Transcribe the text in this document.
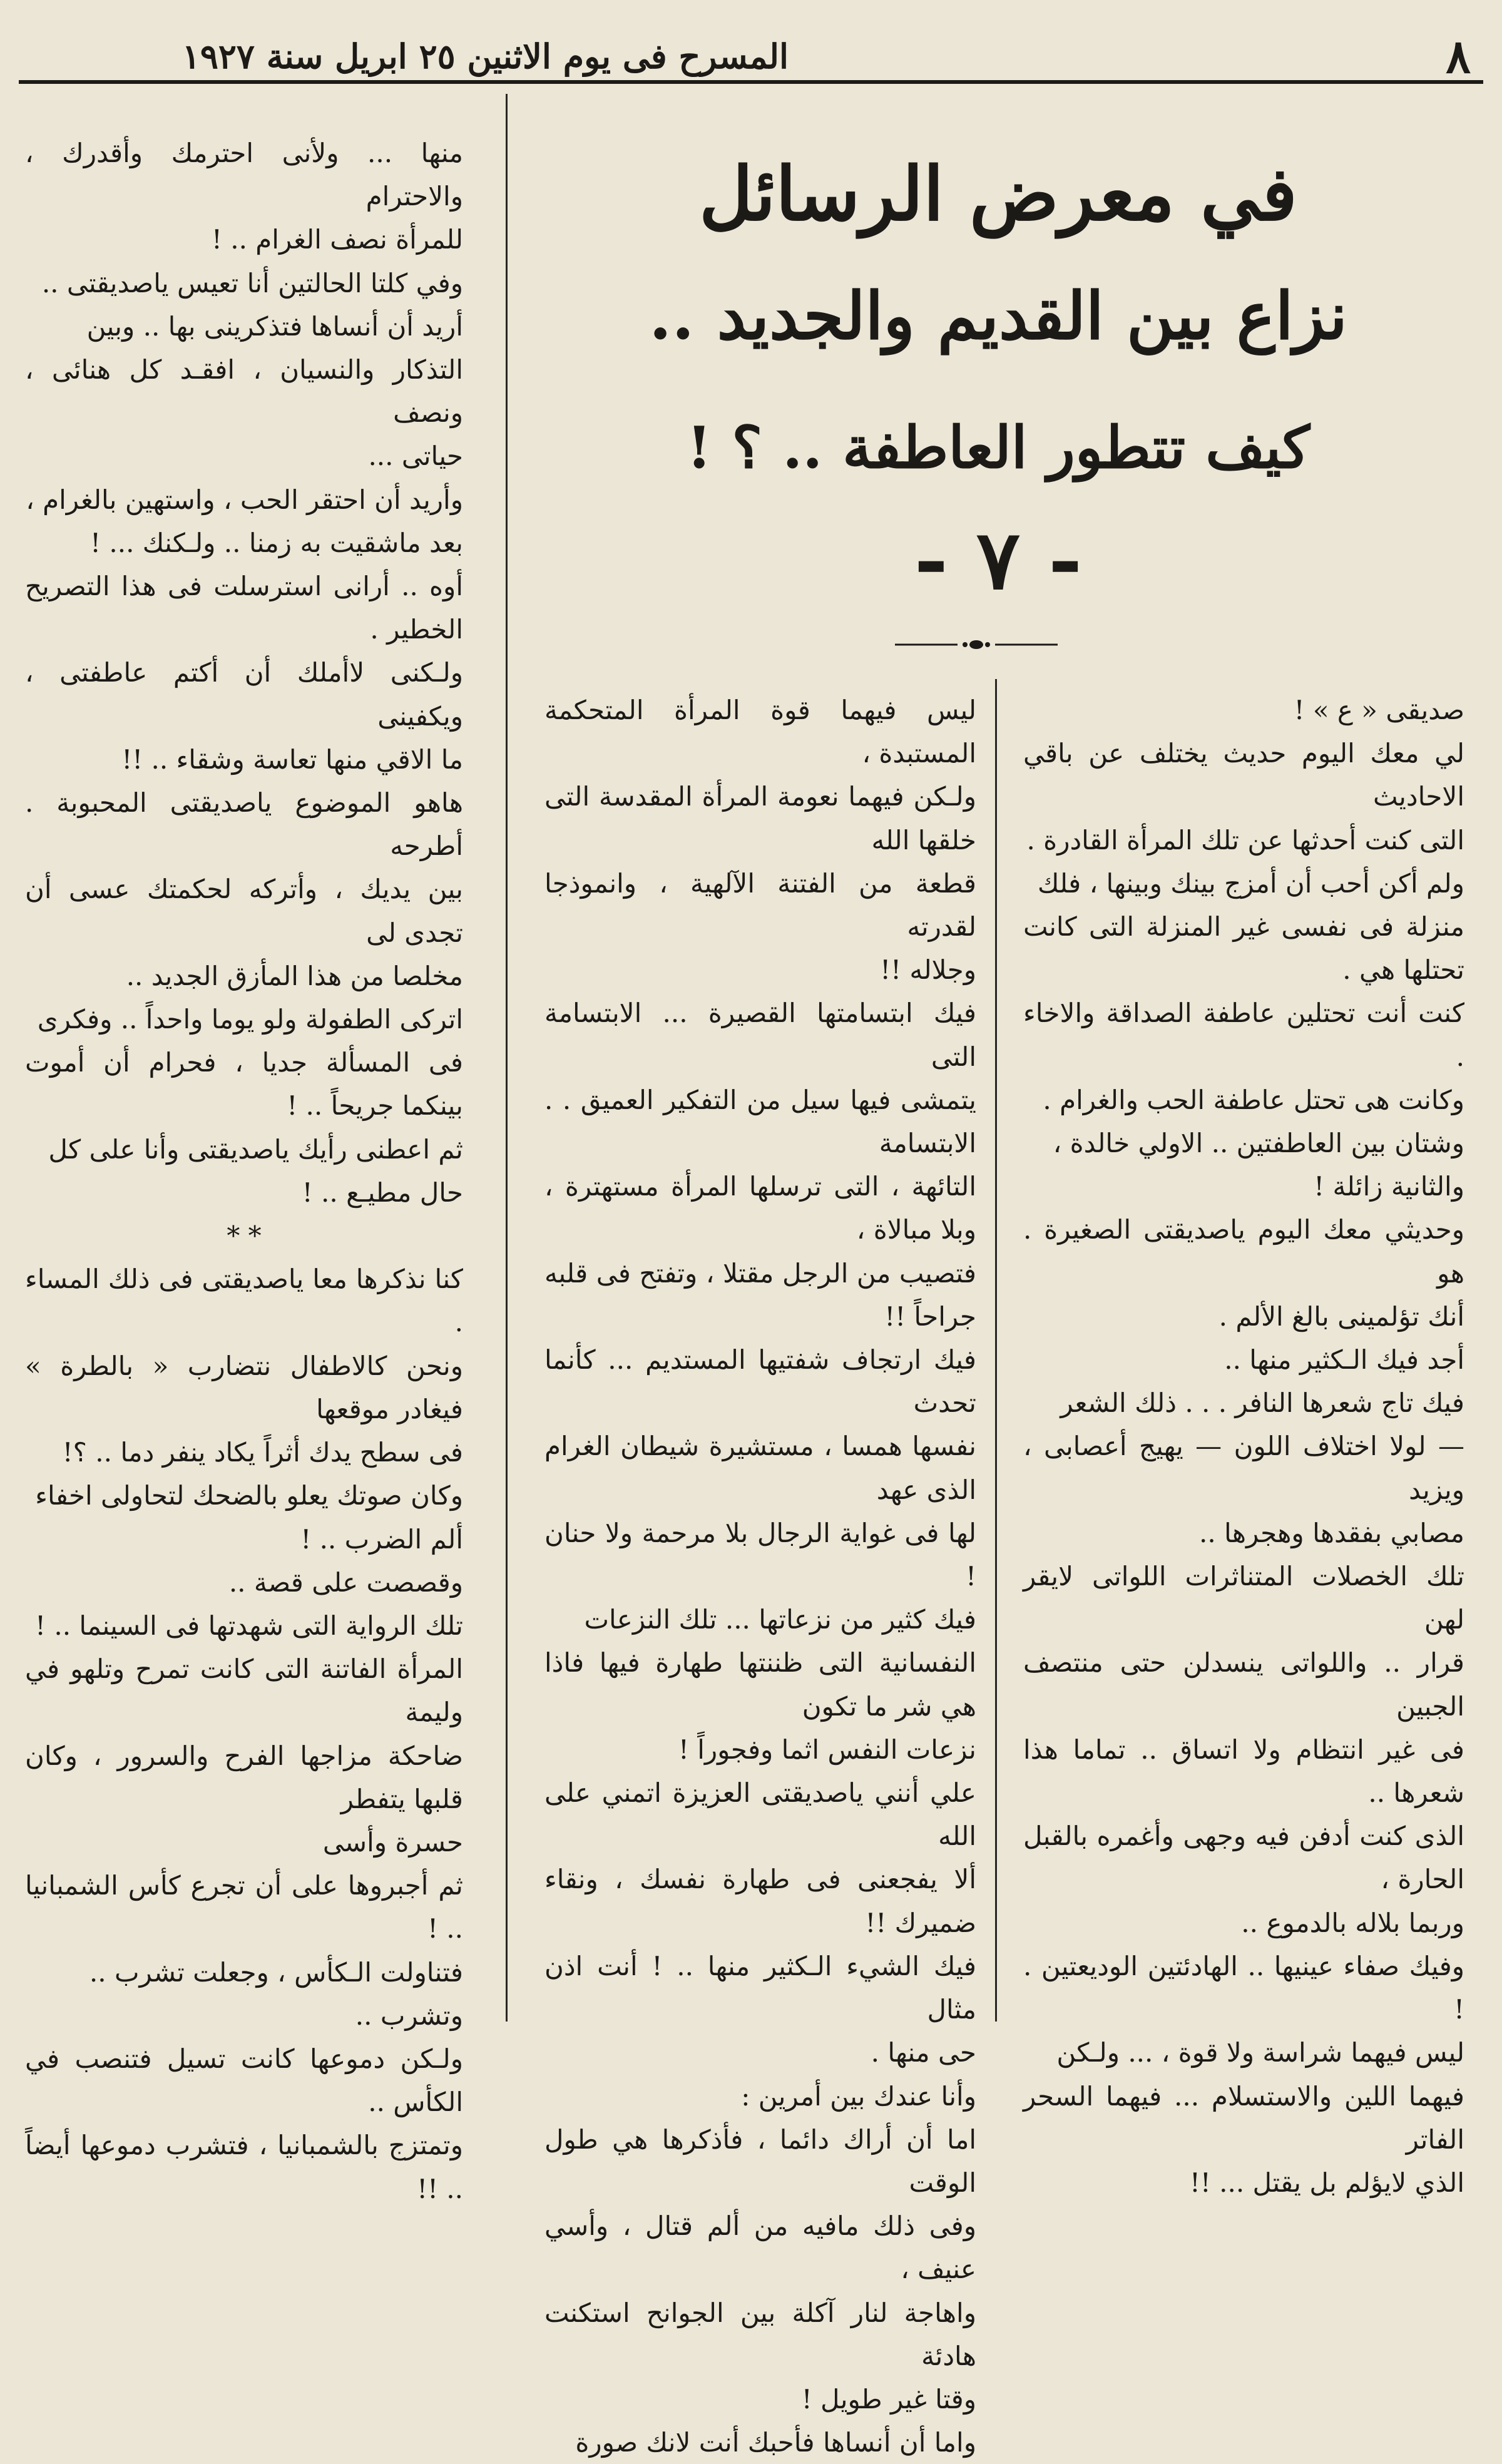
٨
المسرح فى يوم الاثنين ٢٥ ابريل سنة ١٩٢٧
في معرض الرسائل
نزاع بين القديم والجديد ..
كيف تتطور العاطفة .. ؟ !
- ٧ -

صديقى « ع » !

لي معك اليوم حديث يختلف عن باقي الاحاديث

التى كنت أحدثها عن تلك المرأة القادرة .

ولم أكن أحب أن أمزج بينك وبينها ، فلك

منزلة فى نفسى غير المنزلة التى كانت تحتلها هي .

كنت أنت تحتلين عاطفة الصداقة والاخاء .

وكانت هى تحتل عاطفة الحب والغرام .

وشتان بين العاطفتين .. الاولي خالدة ،

والثانية زائلة !

وحديثي معك اليوم ياصديقتى الصغيرة . هو

أنك تؤلمينى بالغ الألم .

أجد فيك الـكثير منها ..

فيك تاج شعرها النافر . . . ذلك الشعر

— لولا اختلاف اللون — يهيج أعصابى ، ويزيد

مصابي بفقدها وهجرها ..

تلك الخصلات المتناثرات اللواتى لايقر لهن

قرار .. واللواتى ينسدلن حتى منتصف الجبين

فى غير انتظام ولا اتساق .. تماما هذا شعرها ..

الذى كنت أدفن فيه وجهى وأغمره بالقبل الحارة ،

وربما بلاله بالدموع ..

وفيك صفاء عينيها .. الهادئتين الوديعتين . !

ليس فيهما شراسة ولا قوة ، ... ولـكن

فيهما اللين والاستسلام ... فيهما السحر الفاتر

الذي لايؤلم بل يقتل ... !!

ليس فيهما قوة المرأة المتحكمة المستبدة ،

ولـكن فيهما نعومة المرأة المقدسة التى خلقها الله

قطعة من الفتنة الآلهية ، وانموذجا لقدرته

وجلاله !!

فيك ابتسامتها القصيرة ... الابتسامة التى

يتمشى فيها سيل من التفكير العميق . . الابتسامة

التائهة ، التى ترسلها المرأة مستهترة ، وبلا مبالاة ،

فتصيب من الرجل مقتلا ، وتفتح فى قلبه جراحاً !!

فيك ارتجاف شفتيها المستديم ... كأنما تحدث

نفسها همسا ، مستشيرة شيطان الغرام الذى عهد

لها فى غواية الرجال بلا مرحمة ولا حنان !

فيك كثير من نزعاتها ... تلك النزعات

النفسانية التى ظننتها طهارة فيها فاذا هي شر ما تكون

نزعات النفس اثما وفجوراً !

علي أنني ياصديقتى العزيزة اتمني على الله

ألا يفجعنى فى طهارة نفسك ، ونقاء ضميرك !!

فيك الشيء الـكثير منها .. ! أنت اذن مثال

حى منها .

وأنا عندك بين أمرين :

اما أن أراك دائما ، فأذكرها هي طول الوقت

وفى ذلك مافيه من ألم قتال ، وأسي عنيف ،

واهاجة لنار آكلة بين الجوانح استكنت هادئة

وقتا غير طويل !

واما أن أنساها فأحبك أنت لانك صورة

منها ... ولأنى احترمك وأقدرك ، والاحترام

للمرأة نصف الغرام .. !

وفي كلتا الحالتين أنا تعيس ياصديقتى ..

أريد أن أنساها فتذكرينى بها .. وبين

التذكار والنسيان ، افقـد كل هنائى ، ونصف

حياتى ...

وأريد أن احتقر الحب ، واستهين بالغرام ،

بعد ماشقيت به زمنا .. ولـكنك ... !

أوه .. أرانى استرسلت فى هذا التصريح الخطير .

ولـكنى لاأملك أن أكتم عاطفتى ، ويكفينى

ما الاقي منها تعاسة وشقاء .. !!

هاهو الموضوع ياصديقتى المحبوبة . أطرحه

بين يديك ، وأتركه لحكمتك عسى أن تجدى لى

مخلصا من هذا المأزق الجديد ..

اتركى الطفولة ولو يوما واحداً .. وفكرى

فى المسألة جديا ، فحرام أن أموت بينكما جريحاً .. !

ثم اعطنى رأيك ياصديقتى وأنا على كل

حال مطيـع .. !

* *

كنا نذكرها معا ياصديقتى فى ذلك المساء .

ونحن كالاطفال نتضارب « بالطرة » فيغادر موقعها

فى سطح يدك أثراً يكاد ينفر دما .. ؟!

وكان صوتك يعلو بالضحك لتحاولى اخفاء

ألم الضرب .. !

وقصصت على قصة ..

تلك الرواية التى شهدتها فى السينما .. !

المرأة الفاتنة التى كانت تمرح وتلهو في وليمة

ضاحكة مزاجها الفرح والسرور ، وكان قلبها يتفطر

حسرة وأسى

ثم أجبروها على أن تجرع كأس الشمبانيا .. !

فتناولت الـكأس ، وجعلت تشرب ..

وتشرب ..

ولـكن دموعها كانت تسيل فتنصب في الكأس ..

وتمتزج بالشمبانيا ، فتشرب دموعها أيضاً .. !!
